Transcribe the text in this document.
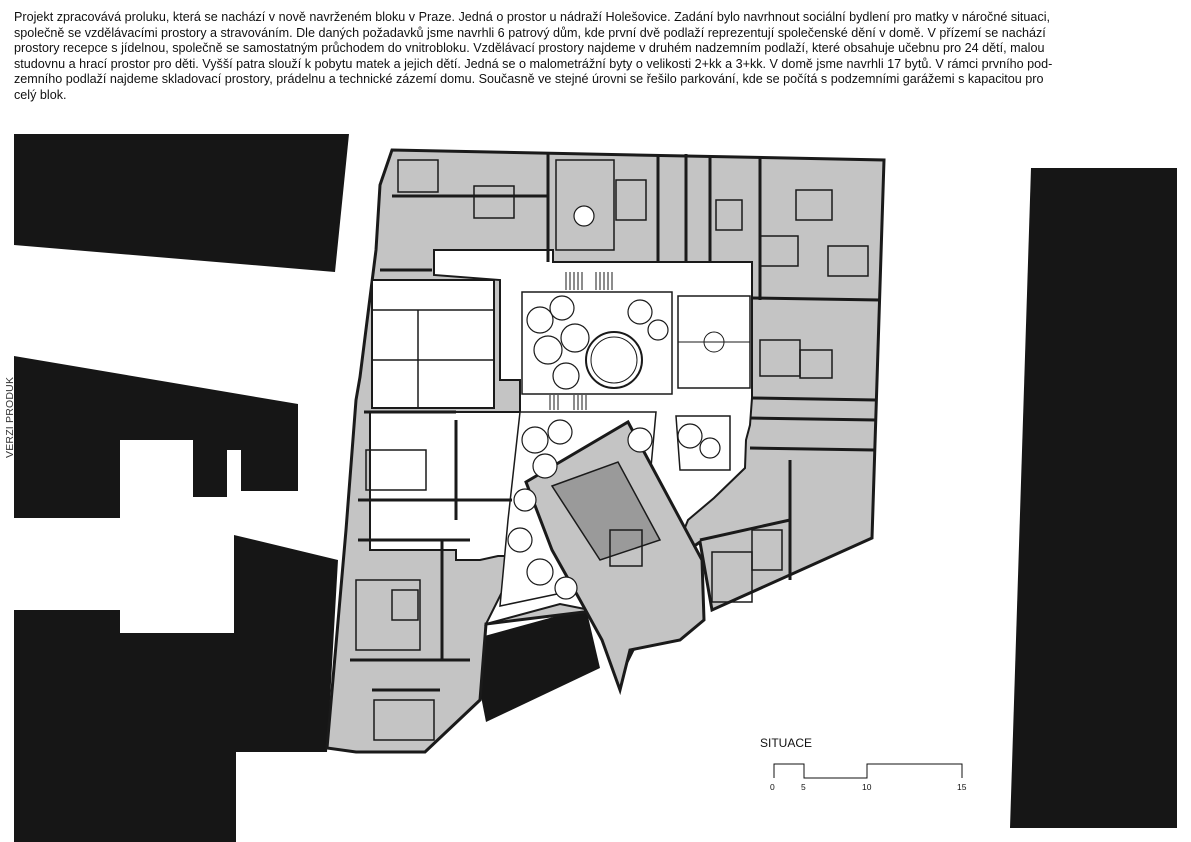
Projekt zpracovává proluku, která se nachází v nově navrženém bloku v Praze. Jedná o prostor u nádraží Holešovice. Zadání bylo navrhnout sociální bydlení pro matky v náročné situaci,
společně se vzdělávacími prostory a stravováním. Dle daných požadavků jsme navrhli 6 patrový dům, kde první dvě podlaží reprezentují společenské dění v domě. V přízemí se nachází
prostory recepce s jídelnou, společně se samostatným průchodem do vnitrobloku. Vzdělávací prostory najdeme v druhém nadzemním podlaží, které obsahuje učebnu pro 24 dětí, malou
studovnu a hrací prostor pro děti. Vyšší patra slouží k pobytu matek a jejich dětí. Jedná se o malometrážní byty o velikosti 2+kk a 3+kk. V domě jsme navrhli 17 bytů. V rámci prvního pod-
zemního podlaží najdeme skladovací prostory, prádelnu a technické zázemí domu. Současně ve stejné úrovni se řešilo parkování, kde se počítá s podzemními garážemi s kapacitou pro
celý blok.
VERZI PRODUK
SITUACE
0	5	10	15
